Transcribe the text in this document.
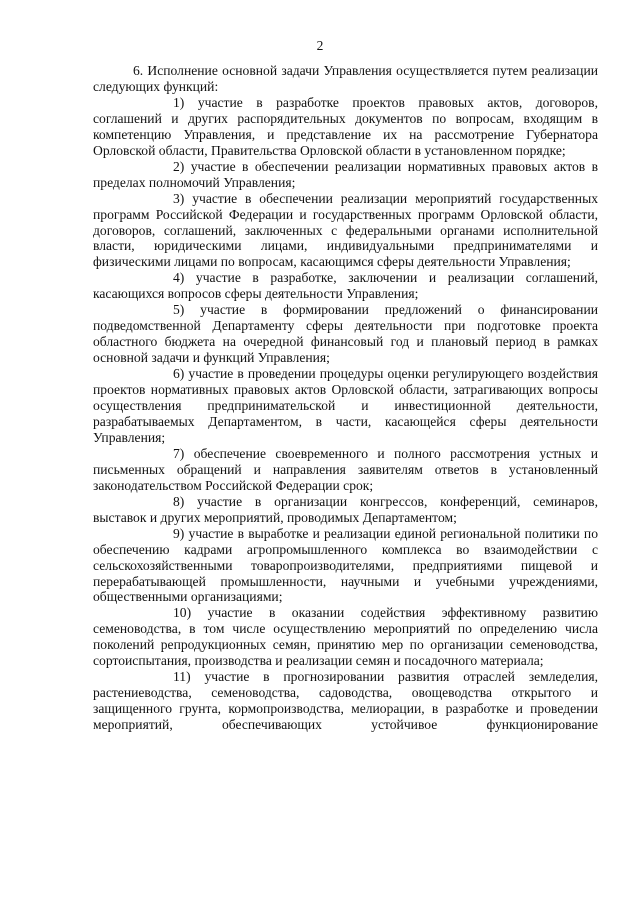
2

6. Исполнение основной задачи Управления осуществляется путем реализации следующих функций:

1) участие в разработке проектов правовых актов, договоров, соглашений и других распорядительных документов по вопросам, входящим в компетенцию Управления, и представление их на рассмотрение Губернатора Орловской области, Правительства Орловской области в установленном порядке;

2) участие в обеспечении реализации нормативных правовых актов в пределах полномочий Управления;

3) участие в обеспечении реализации мероприятий государственных программ Российской Федерации и государственных программ Орловской области, договоров, соглашений, заключенных с федеральными органами исполнительной власти, юридическими лицами, индивидуальными предпринимателями и физическими лицами по вопросам, касающимся сферы деятельности Управления;

4) участие в разработке, заключении и реализации соглашений, касающихся вопросов сферы деятельности Управления;

5) участие в формировании предложений о финансировании подведомственной Департаменту сферы деятельности при подготовке проекта областного бюджета на очередной финансовый год и плановый период в рамках основной задачи и функций Управления;

6) участие в проведении процедуры оценки регулирующего воздействия проектов нормативных правовых актов Орловской области, затрагивающих вопросы осуществления предпринимательской и инвестиционной деятельности, разрабатываемых Департаментом, в части, касающейся сферы деятельности Управления;

7) обеспечение своевременного и полного рассмотрения устных и письменных обращений и направления заявителям ответов в установленный законодательством Российской Федерации срок;

8) участие в организации конгрессов, конференций, семинаров, выставок и других мероприятий, проводимых Департаментом;

9) участие в выработке и реализации единой региональной политики по обеспечению кадрами агропромышленного комплекса во взаимодействии с сельскохозяйственными товаропроизводителями, предприятиями пищевой и перерабатывающей промышленности, научными и учебными учреждениями, общественными организациями;

10) участие в оказании содействия эффективному развитию семеноводства, в том числе осуществлению мероприятий по определению числа поколений репродукционных семян, принятию мер по организации семеноводства, сортоиспытания, производства и реализации семян и посадочного материала;

11) участие в прогнозировании развития отраслей земледелия, растениеводства, семеноводства, садоводства, овощеводства открытого и защищенного грунта, кормопроизводства, мелиорации, в разработке и проведении мероприятий, обеспечивающих устойчивое функционирование
